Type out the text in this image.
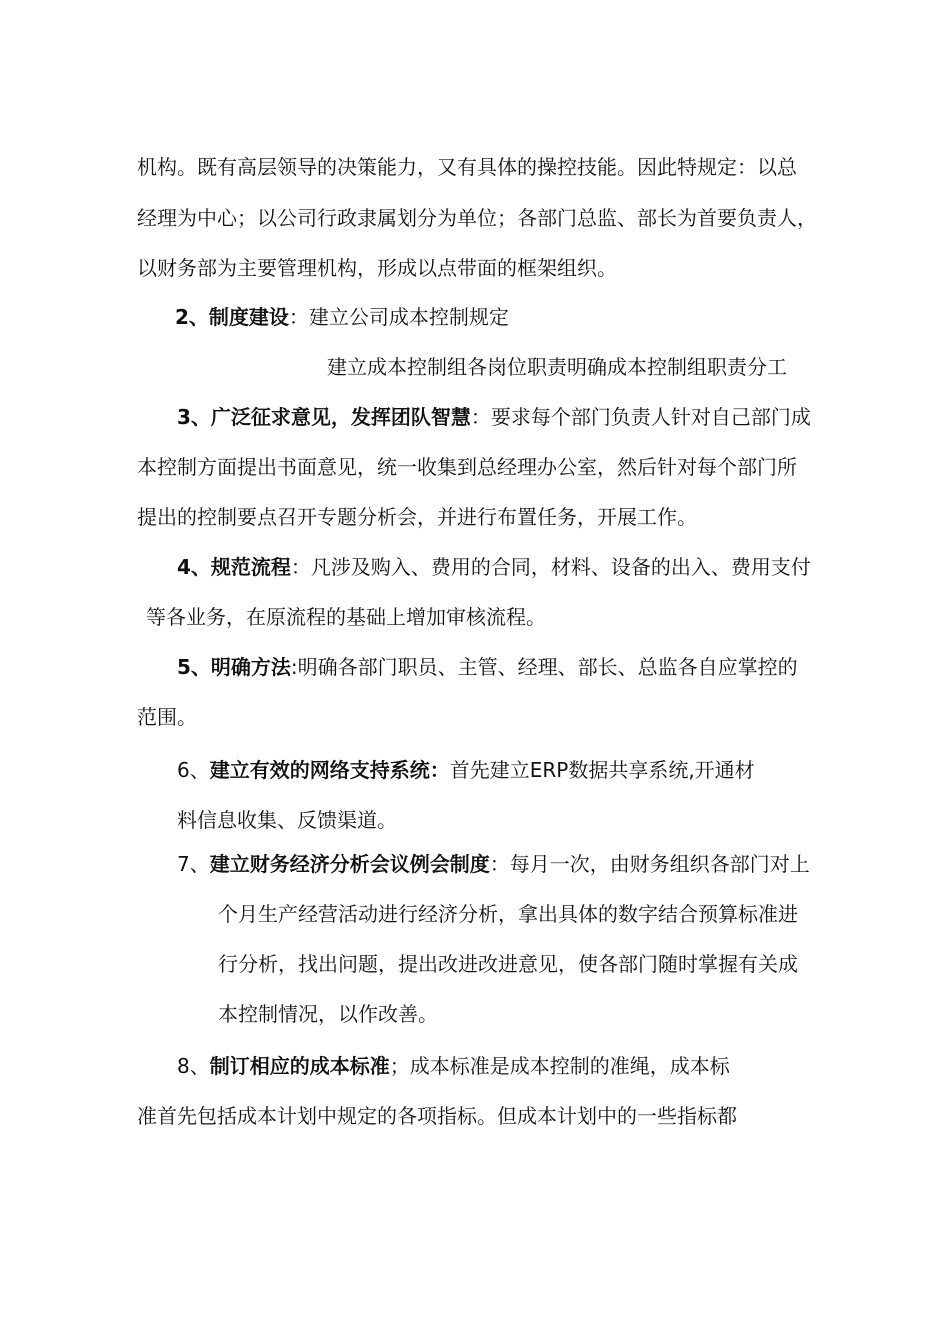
机构。既有高层领导的决策能力，又有具体的操控技能。因此特规定：以总

经理为中心；以公司行政隶属划分为单位；各部门总监、部长为首要负责人，

以财务部为主要管理机构，形成以点带面的框架组织。

2、制度建设：建立公司成本控制规定

建立成本控制组各岗位职责明确成本控制组职责分工

3、广泛征求意见，发挥团队智慧：要求每个部门负责人针对自己部门成

本控制方面提出书面意见，统一收集到总经理办公室，然后针对每个部门所

提出的控制要点召开专题分析会，并进行布置任务，开展工作。

4、规范流程：凡涉及购入、费用的合同，材料、设备的出入、费用支付

等各业务，在原流程的基础上增加审核流程。

5、明确方法:明确各部门职员、主管、经理、部长、总监各自应掌控的

范围。

6、建立有效的网络支持系统：首先建立ERP数据共享系统,开通材

料信息收集、反馈渠道。

7、建立财务经济分析会议例会制度：每月一次，由财务组织各部门对上

个月生产经营活动进行经济分析，拿出具体的数字结合预算标准进

行分析，找出问题，提出改进改进意见，使各部门随时掌握有关成

本控制情况，以作改善。

8、制订相应的成本标准；成本标准是成本控制的准绳，成本标

准首先包括成本计划中规定的各项指标。但成本计划中的一些指标都
